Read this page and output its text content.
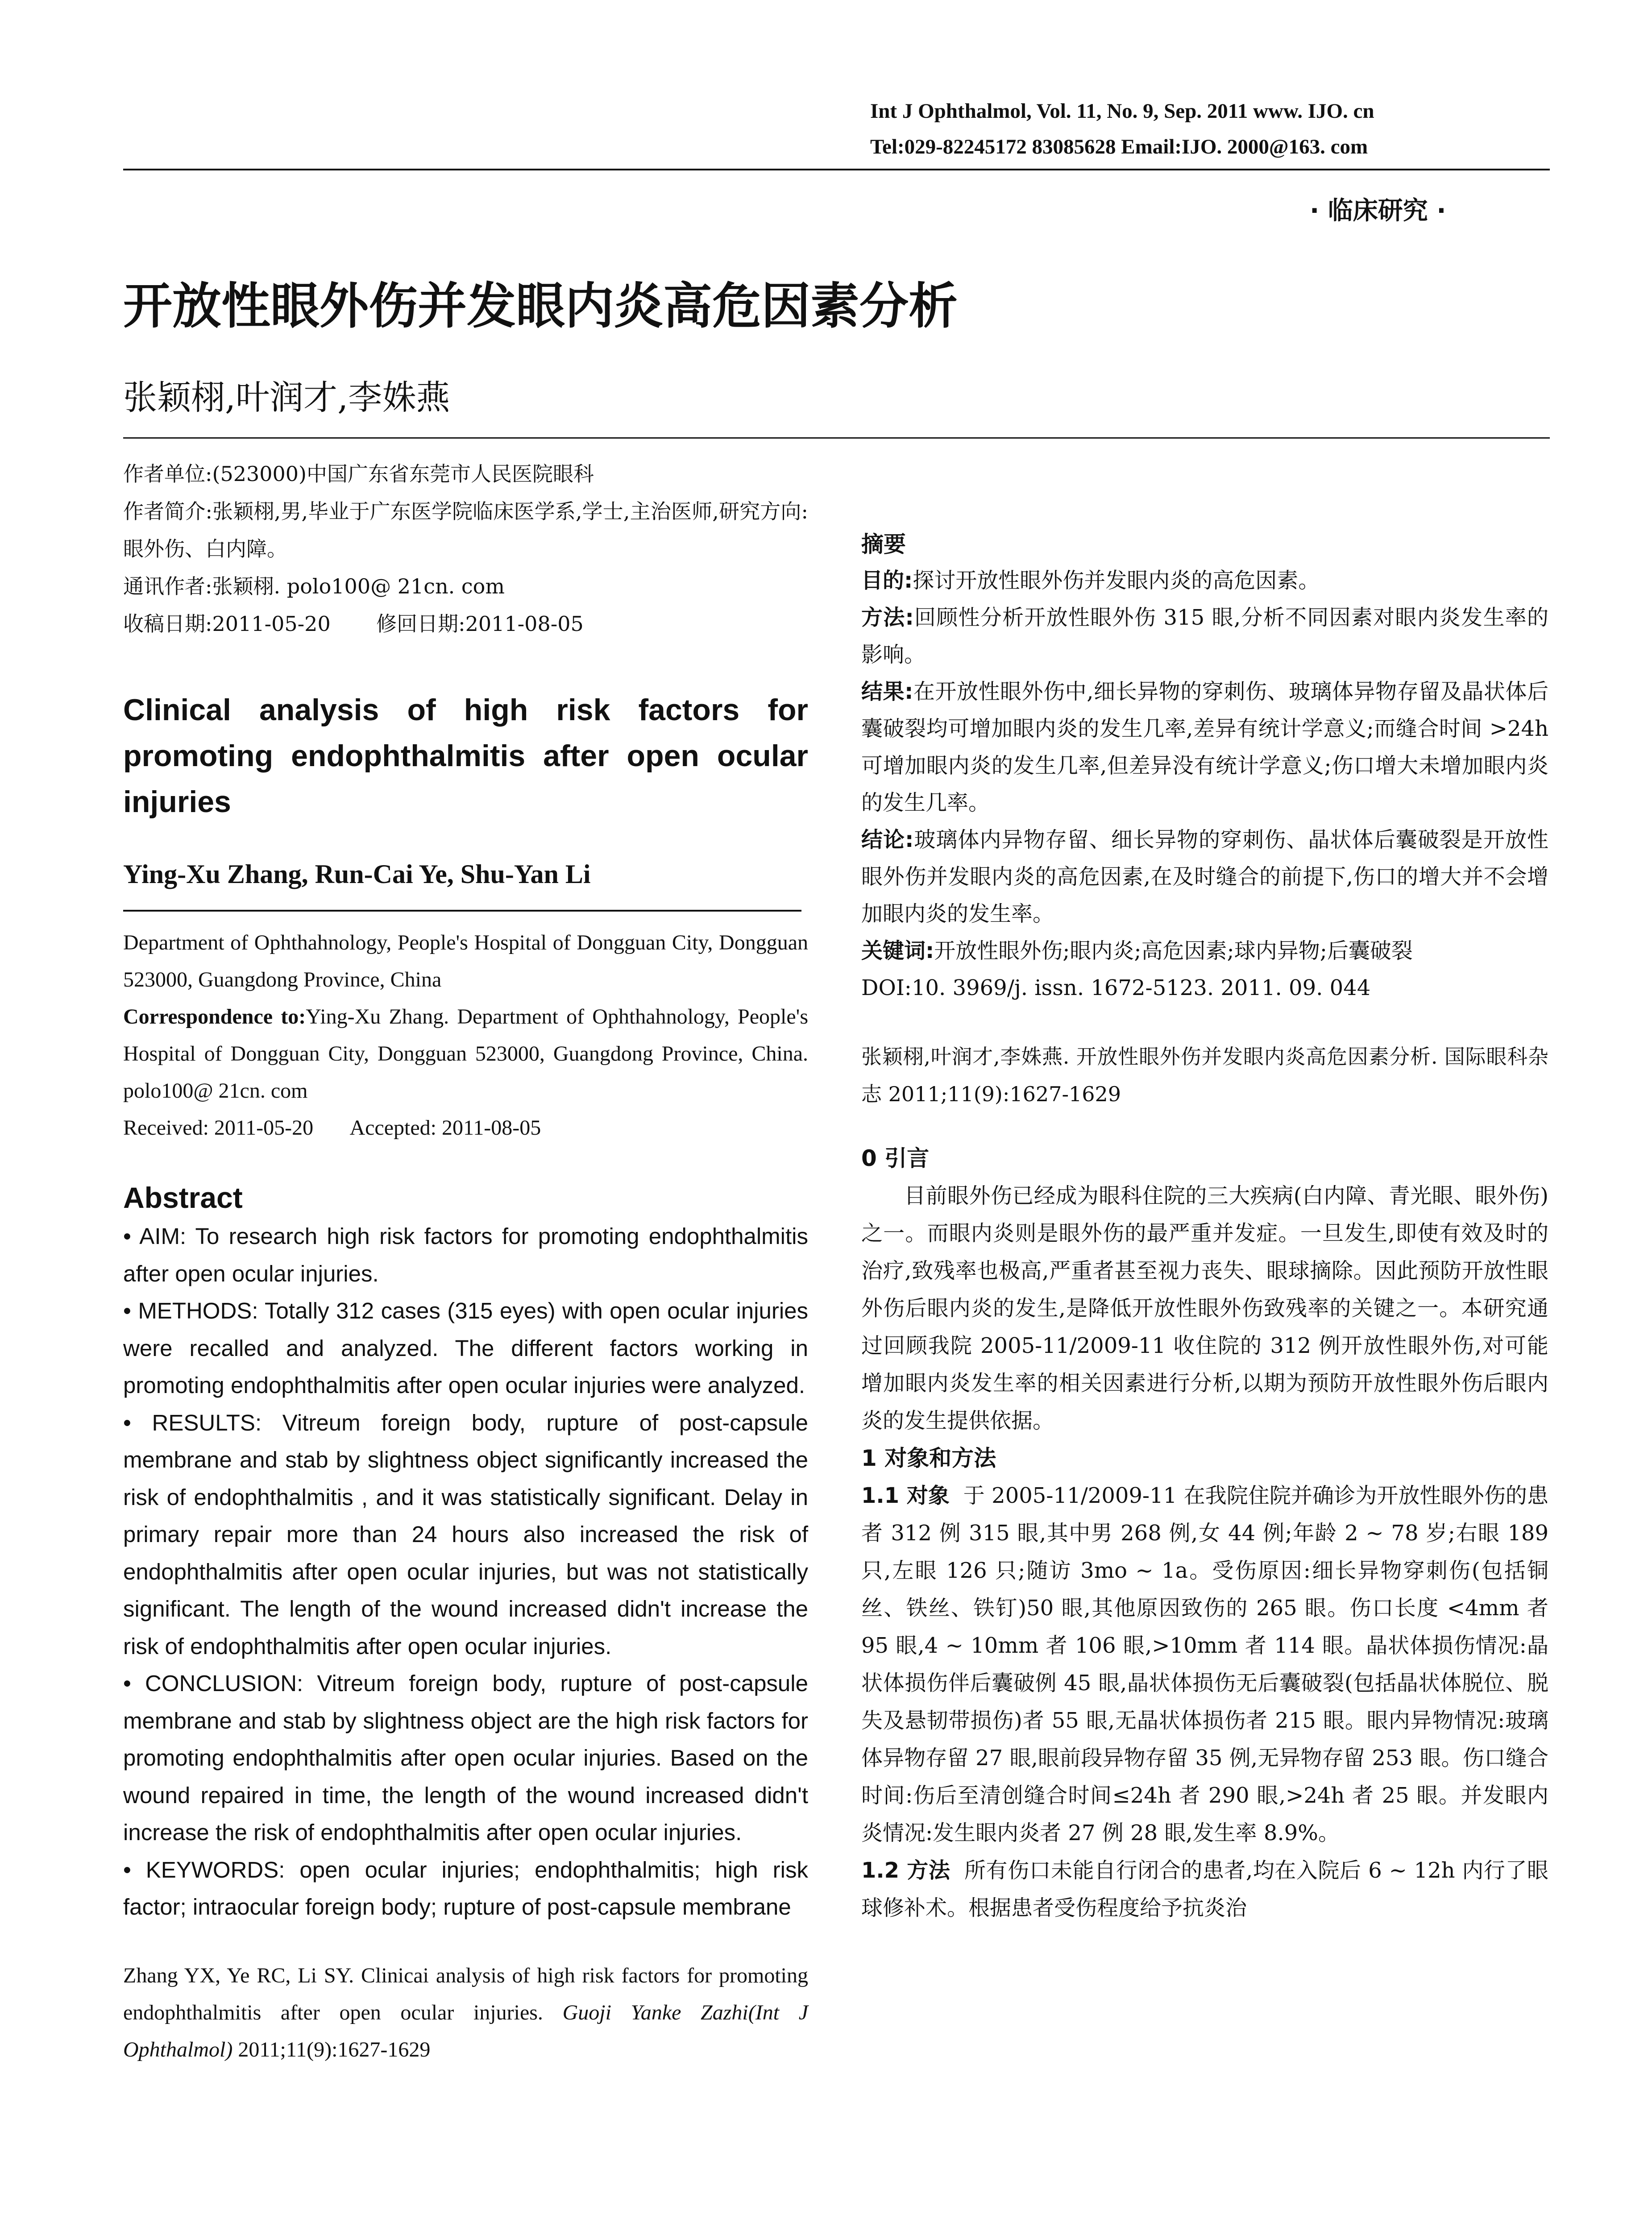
Int J Ophthalmol, Vol. 11, No. 9, Sep. 2011 www. IJO. cn
Tel:029-82245172 83085628 Email:IJO. 2000@163. com
· 临床研究 ·
开放性眼外伤并发眼内炎高危因素分析
张颖栩,叶润才,李姝燕

作者单位:(523000)中国广东省东莞市人民医院眼科

作者简介:张颖栩,男,毕业于广东医学院临床医学系,学士,主治医师,研究方向:眼外伤、白内障。

通讯作者:张颖栩. polo100@ 21cn. com

收稿日期:2011-05-20       修回日期:2011-08-05

Clinical analysis of high risk factors for promoting endophthalmitis after open ocular injuries
Ying-Xu Zhang, Run-Cai Ye, Shu-Yan Li

Department of Ophthahnology, People's Hospital of Dongguan City, Dongguan 523000, Guangdong Province, China

Correspondence to:Ying-Xu Zhang. Department of Ophthahnology, People's Hospital of Dongguan City, Dongguan 523000, Guangdong Province, China. polo100@ 21cn. com

Received: 2011-05-20       Accepted: 2011-08-05

Abstract

• AIM: To research high risk factors for promoting endophthalmitis after open ocular injuries.

• METHODS: Totally 312 cases (315 eyes) with open ocular injuries were recalled and analyzed. The different factors working in promoting endophthalmitis after open ocular injuries were analyzed.

• RESULTS: Vitreum foreign body, rupture of post-capsule membrane and stab by slightness object significantly increased the risk of endophthalmitis , and it was statistically significant. Delay in primary repair more than 24 hours also increased the risk of endophthalmitis after open ocular injuries, but was not statistically significant. The length of the wound increased didn't increase the risk of endophthalmitis after open ocular injuries.

• CONCLUSION: Vitreum foreign body, rupture of post-capsule membrane and stab by slightness object are the high risk factors for promoting endophthalmitis after open ocular injuries. Based on the wound repaired in time, the length of the wound increased didn't increase the risk of endophthalmitis after open ocular injuries.

• KEYWORDS: open ocular injuries; endophthalmitis; high risk factor; intraocular foreign body; rupture of post-capsule membrane

Zhang YX, Ye RC, Li SY. Clinicai analysis of high risk factors for promoting endophthalmitis after open ocular injuries. Guoji Yanke Zazhi(Int J Ophthalmol) 2011;11(9):1627-1629
摘要

目的:探讨开放性眼外伤并发眼内炎的高危因素。

方法:回顾性分析开放性眼外伤 315 眼,分析不同因素对眼内炎发生率的影响。

结果:在开放性眼外伤中,细长异物的穿刺伤、玻璃体异物存留及晶状体后囊破裂均可增加眼内炎的发生几率,差异有统计学意义;而缝合时间 >24h 可增加眼内炎的发生几率,但差异没有统计学意义;伤口增大未增加眼内炎的发生几率。

结论:玻璃体内异物存留、细长异物的穿刺伤、晶状体后囊破裂是开放性眼外伤并发眼内炎的高危因素,在及时缝合的前提下,伤口的增大并不会增加眼内炎的发生率。

关键词:开放性眼外伤;眼内炎;高危因素;球内异物;后囊破裂

DOI:10. 3969/j. issn. 1672-5123. 2011. 09. 044

张颖栩,叶润才,李姝燕. 开放性眼外伤并发眼内炎高危因素分析. 国际眼科杂志 2011;11(9):1627-1629
0 引言

目前眼外伤已经成为眼科住院的三大疾病(白内障、青光眼、眼外伤)之一。而眼内炎则是眼外伤的最严重并发症。一旦发生,即使有效及时的治疗,致残率也极高,严重者甚至视力丧失、眼球摘除。因此预防开放性眼外伤后眼内炎的发生,是降低开放性眼外伤致残率的关键之一。本研究通过回顾我院 2005-11/2009-11 收住院的 312 例开放性眼外伤,对可能增加眼内炎发生率的相关因素进行分析,以期为预防开放性眼外伤后眼内炎的发生提供依据。

1 对象和方法

1.1 对象 于 2005-11/2009-11 在我院住院并确诊为开放性眼外伤的患者 312 例 315 眼,其中男 268 例,女 44 例;年龄 2 ~ 78 岁;右眼 189 只,左眼 126 只;随访 3mo ~ 1a。受伤原因:细长异物穿刺伤(包括铜丝、铁丝、铁钉)50 眼,其他原因致伤的 265 眼。伤口长度 <4mm 者 95 眼,4 ~ 10mm 者 106 眼,>10mm 者 114 眼。晶状体损伤情况:晶状体损伤伴后囊破例 45 眼,晶状体损伤无后囊破裂(包括晶状体脱位、脱失及悬韧带损伤)者 55 眼,无晶状体损伤者 215 眼。眼内异物情况:玻璃体异物存留 27 眼,眼前段异物存留 35 例,无异物存留 253 眼。伤口缝合时间:伤后至清创缝合时间≤24h 者 290 眼,>24h 者 25 眼。并发眼内炎情况:发生眼内炎者 27 例 28 眼,发生率 8.9%。

1.2 方法 所有伤口未能自行闭合的患者,均在入院后 6 ~ 12h 内行了眼球修补术。根据患者受伤程度给予抗炎治
